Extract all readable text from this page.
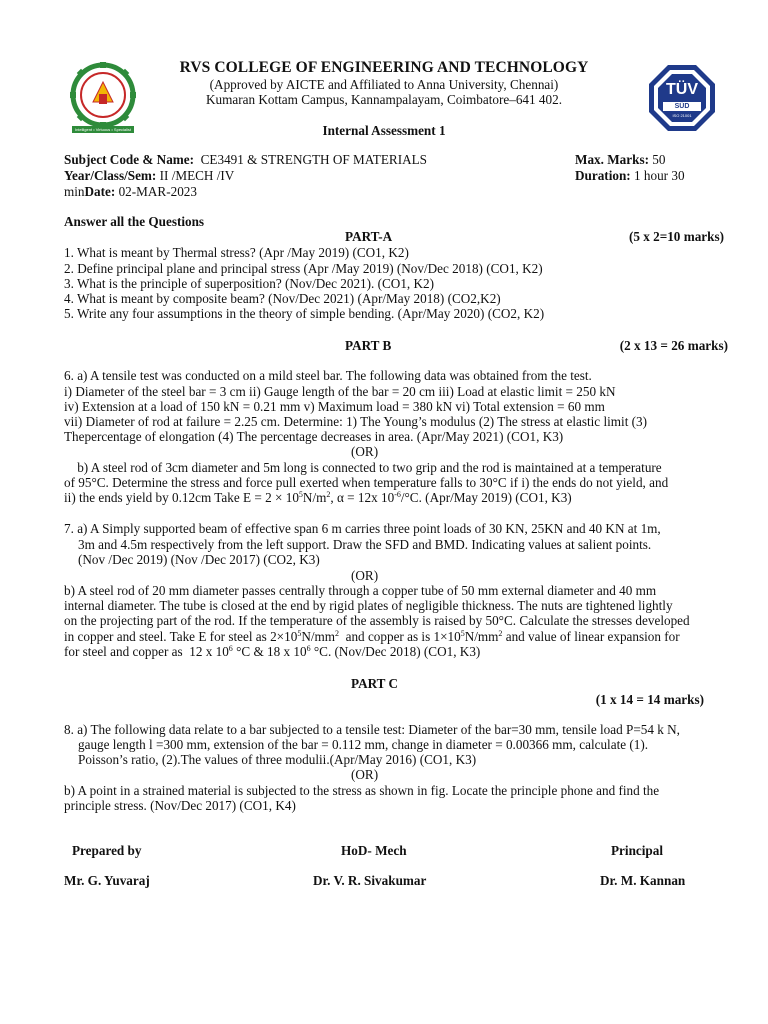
Intelligent • Virtuous • Specialist
TÜV
SÜD
ISO 21001
RVS COLLEGE OF ENGINEERING AND TECHNOLOGY
(Approved by AICTE and Affiliated to Anna University, Chennai)
Kumaran Kottam Campus, Kannampalayam, Coimbatore–641 402.
Internal Assessment 1
Subject Code & Name: CE3491 & STRENGTH OF MATERIALS	Max. Marks: 50
Year/Class/Sem: II /MECH /IV	Duration: 1 hour 30
minDate: 02-MAR-2023
Answer all the Questions
PART-A	(5 x 2=10 marks)
1. What is meant by Thermal stress? (Apr /May 2019) (CO1, K2)
2. Define principal plane and principal stress (Apr /May 2019) (Nov/Dec 2018) (CO1, K2)
3. What is the principle of superposition? (Nov/Dec 2021). (CO1, K2)
4. What is meant by composite beam? (Nov/Dec 2021) (Apr/May 2018) (CO2,K2)
5. Write any four assumptions in the theory of simple bending. (Apr/May 2020) (CO2, K2)
PART B	(2 x 13 = 26 marks)
6. a) A tensile test was conducted on a mild steel bar. The following data was obtained from the test.
i) Diameter of the steel bar = 3 cm ii) Gauge length of the bar = 20 cm iii) Load at elastic limit = 250 kN
iv) Extension at a load of 150 kN = 0.21 mm v) Maximum load = 380 kN vi) Total extension = 60 mm
vii) Diameter of rod at failure = 2.25 cm. Determine: 1) The Young’s modulus (2) The stress at elastic limit (3)
Thepercentage of elongation (4) The percentage decreases in area. (Apr/May 2021) (CO1, K3)
(OR)
b) A steel rod of 3cm diameter and 5m long is connected to two grip and the rod is maintained at a temperature
of 95°C. Determine the stress and force pull exerted when temperature falls to 30°C if i) the ends do not yield, and
ii) the ends yield by 0.12cm Take $E = 2 \times 10^5N/m^2$, α = 12x $10^{-6}/^\circ C$. (Apr/May 2019) (CO1, K3)
7. a) A Simply supported beam of effective span 6 m carries three point loads of 30 KN, 25KN and 40 KN at 1m,
3m and 4.5m respectively from the left support. Draw the SFD and BMD. Indicating values at salient points.
(Nov /Dec 2019) (Nov /Dec 2017) (CO2, K3)
(OR)
b) A steel rod of 20 mm diameter passes centrally through a copper tube of 50 mm external diameter and 40 mm
internal diameter. The tube is closed at the end by rigid plates of negligible thickness. The nuts are tightened lightly
on the projecting part of the rod. If the temperature of the assembly is raised by 50°C. Calculate the stresses developed
in copper and steel. Take E for steel as $2\times 10^5N/mm^2$  and copper as is $1\times 10^5N/mm^2$ and value of linear expansion for
for steel and copper as  12 x $10^6$ °C & 18 x $10^6$ °C. (Nov/Dec 2018) (CO1, K3)
PART C
(1 x 14 = 14 marks)
8. a) The following data relate to a bar subjected to a tensile test: Diameter of the bar=30 mm, tensile load P=54 k N,
gauge length l =300 mm, extension of the bar = 0.112 mm, change in diameter = 0.00366 mm, calculate (1).
Poisson’s ratio, (2).The values of three modulii.(Apr/May 2016) (CO1, K3)
(OR)
b) A point in a strained material is subjected to the stress as shown in fig. Locate the principle phone and find the
principle stress. (Nov/Dec 2017) (CO1, K4)
Prepared by	HoD- Mech	Principal
Mr. G. Yuvaraj	Dr. V. R. Sivakumar	Dr. M. Kannan
